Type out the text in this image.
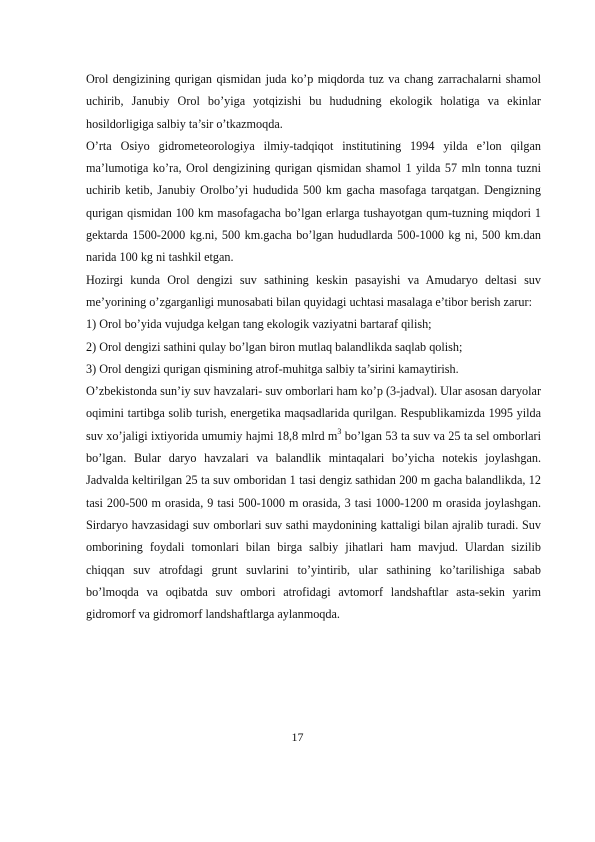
Orol dengizining qurigan qismidan juda ko’p miqdorda tuz va chang zarrachalarni shamol uchirib, Janubiy Orol bo’yiga yotqizishi bu hududning ekologik holatiga va ekinlar hosildorligiga salbiy ta’sir o’tkazmoqda.

O’rta Osiyo gidrometeorologiya ilmiy-tadqiqot institutining 1994 yilda e’lon qilgan ma’lumotiga ko’ra, Orol dengizining qurigan qismidan shamol 1 yilda 57 mln tonna tuzni uchirib ketib, Janubiy Orolbo’yi hududida 500 km gacha masofaga tarqatgan. Dengizning qurigan qismidan 100 km masofagacha bo’lgan erlarga tushayotgan qum-tuzning miqdori 1 gektarda 1500-2000 kg.ni, 500 km.gacha bo’lgan hududlarda 500-1000 kg ni, 500 km.dan narida 100 kg ni tashkil etgan.

Hozirgi kunda Orol dengizi suv sathining keskin pasayishi va Amudaryo deltasi suv me’yorining o’zgarganligi munosabati bilan quyidagi uchtasi masalaga e’tibor berish zarur:

1) Orol bo’yida vujudga kelgan tang ekologik vaziyatni bartaraf qilish;

2) Orol dengizi sathini qulay bo’lgan biron mutlaq balandlikda saqlab qolish;

3) Orol dengizi qurigan qismining atrof-muhitga salbiy ta’sirini kamaytirish.

O’zbekistonda sun’iy suv havzalari- suv omborlari ham ko’p (3-jadval). Ular asosan daryolar oqimini tartibga solib turish, energetika maqsadlarida qurilgan. Respublikamizda 1995 yilda suv xo’jaligi ixtiyorida umumiy hajmi 18,8 mlrd $m^3$ bo’lgan 53 ta suv va 25 ta sel omborlari bo’lgan. Bular daryo havzalari va balandlik mintaqalari bo’yicha notekis joylashgan. Jadvalda keltirilgan 25 ta suv omboridan 1 tasi dengiz sathidan 200 m gacha balandlikda, 12 tasi 200-500 m orasida, 9 tasi 500-1000 m orasida, 3 tasi 1000-1200 m orasida joylashgan. Sirdaryo havzasidagi suv omborlari suv sathi maydonining kattaligi bilan ajralib turadi. Suv omborining foydali tomonlari bilan birga salbiy jihatlari ham mavjud. Ulardan sizilib chiqqan suv atrofdagi grunt suvlarini to’yintirib, ular sathining ko’tarilishiga sabab bo’lmoqda va oqibatda suv ombori atrofidagi avtomorf landshaftlar asta-sekin yarim gidromorf va gidromorf landshaftlarga aylanmoqda.

17
